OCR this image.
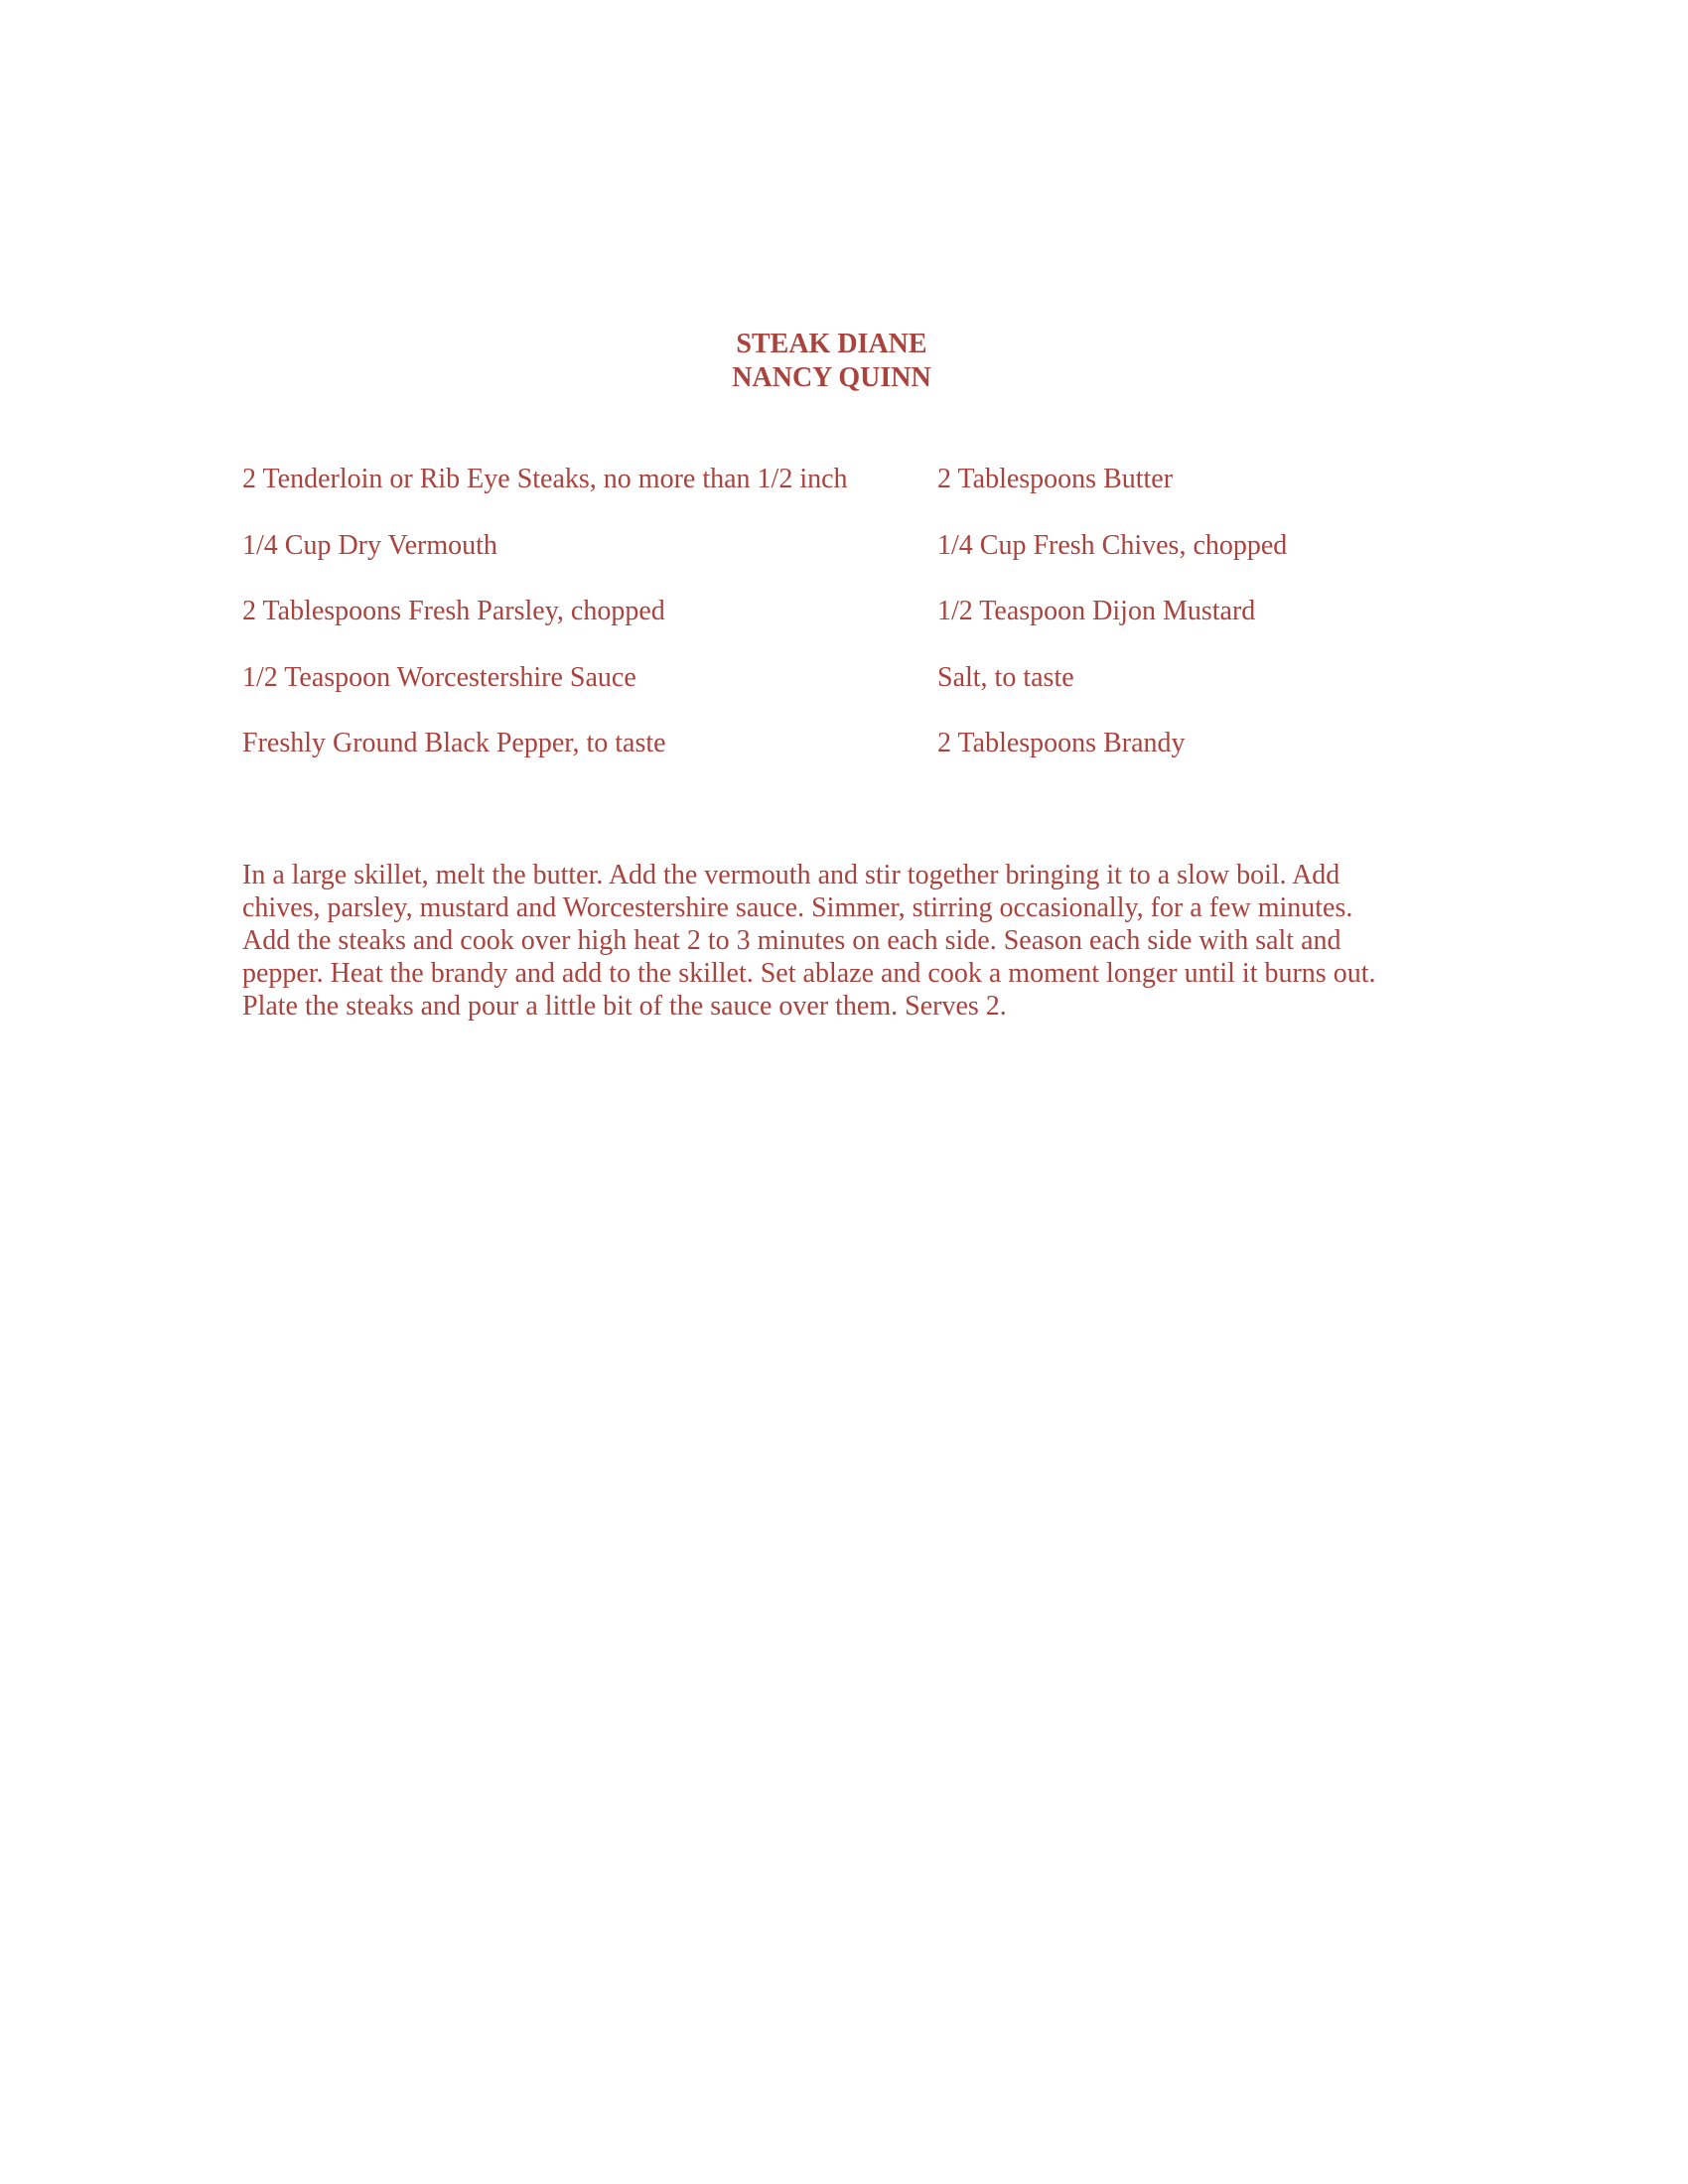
STEAK DIANE
NANCY QUINN
2 Tenderloin or Rib Eye Steaks, no more than 1/2 inch	2 Tablespoons Butter
1/4 Cup Dry Vermouth	1/4 Cup Fresh Chives, chopped
2 Tablespoons Fresh Parsley, chopped	1/2 Teaspoon Dijon Mustard
1/2 Teaspoon Worcestershire Sauce	Salt, to taste
Freshly Ground Black Pepper, to taste	2 Tablespoons Brandy
In a large skillet, melt the butter. Add the vermouth and stir together bringing it to a slow boil. Add
chives, parsley, mustard and Worcestershire sauce. Simmer, stirring occasionally, for a few minutes.
Add the steaks and cook over high heat 2 to 3 minutes on each side. Season each side with salt and
pepper. Heat the brandy and add to the skillet. Set ablaze and cook a moment longer until it burns out.
Plate the steaks and pour a little bit of the sauce over them. Serves 2.
